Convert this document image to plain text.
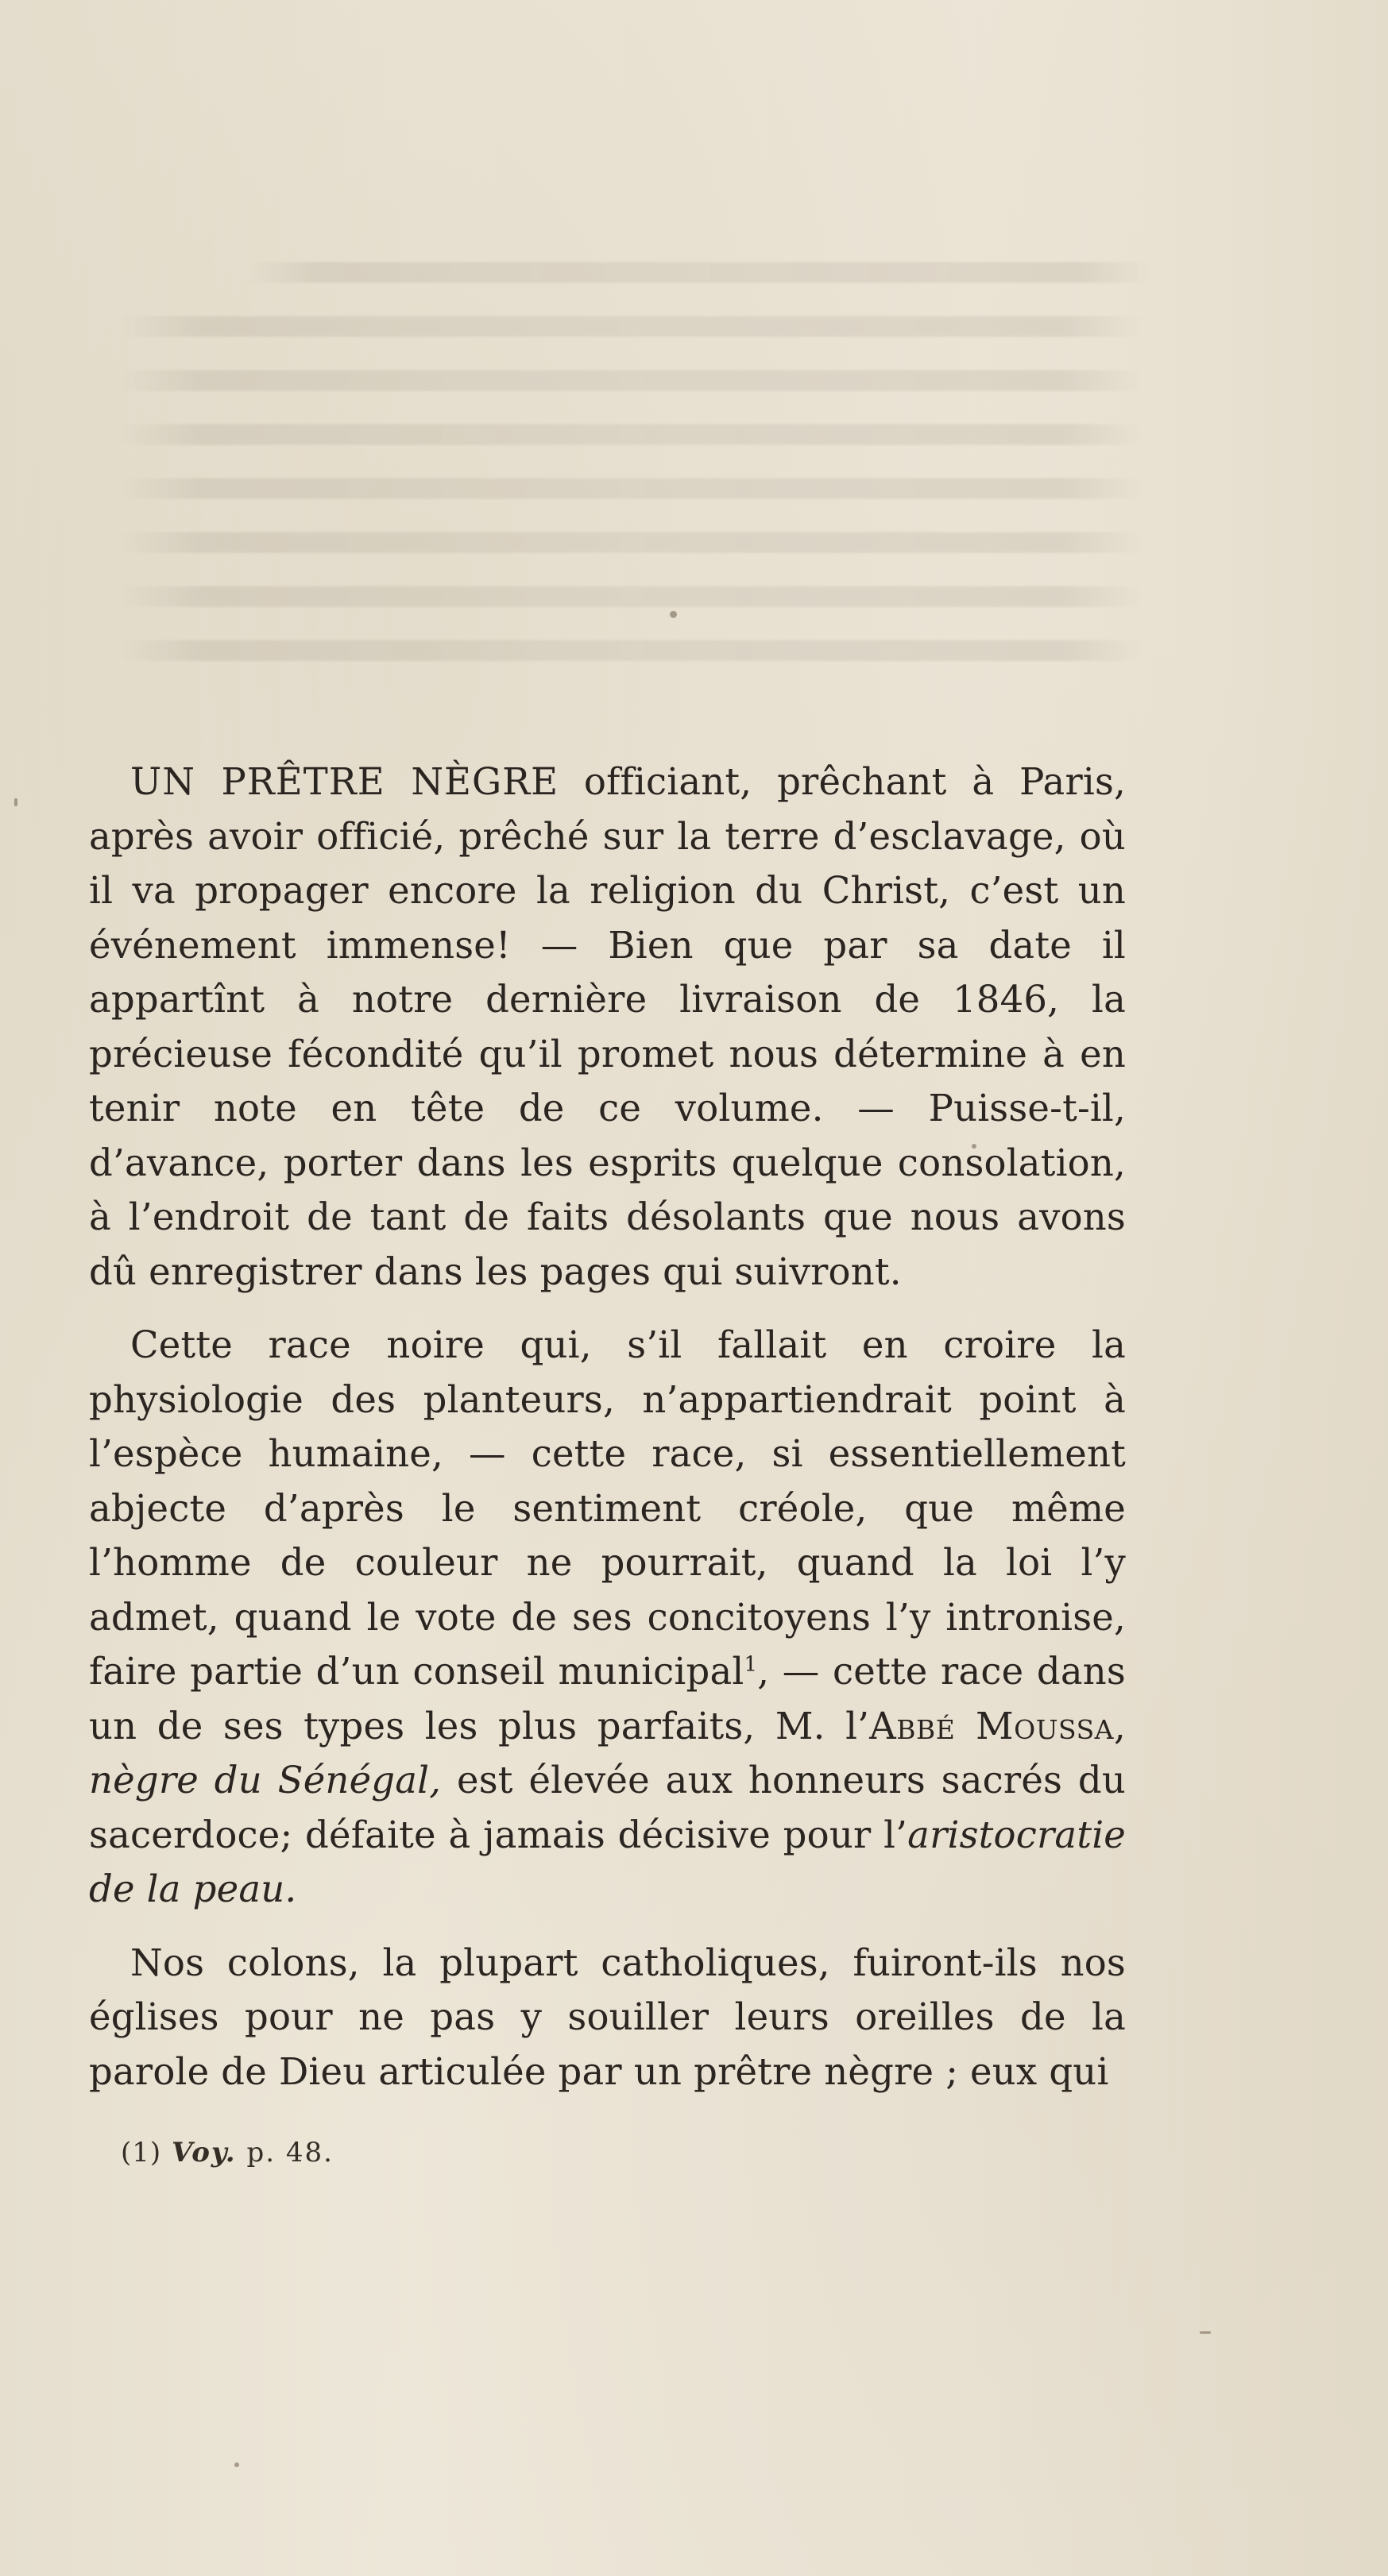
UN PRÊTRE NÈGRE officiant, prêchant à Paris, après avoir officié, prêché sur la terre d’esclavage, où il va propager encore la religion du Christ, c’est un événement immense! — Bien que par sa date il appartînt à notre dernière livraison de 1846, la précieuse fécondité qu’il promet nous détermine à en tenir note en tête de ce volume. — Puisse-t-il, d’avance, porter dans les esprits quelque consolation, à l’endroit de tant de faits désolants que nous avons dû enregistrer dans les pages qui suivront.

Cette race noire qui, s’il fallait en croire la physiologie des planteurs, n’appartiendrait point à l’espèce humaine, — cette race, si essentiellement abjecte d’après le sentiment créole, que même l’homme de couleur ne pourrait, quand la loi l’y admet, quand le vote de ses concitoyens l’y intronise, faire partie d’un conseil municipal$^1$, — cette race dans un de ses types les plus parfaits, M. l’Abbé Moussa, nègre du Sénégal, est élevée aux honneurs sacrés du sacerdoce; défaite à jamais décisive pour l’aristocratie de la peau.

Nos colons, la plupart catholiques, fuiront-ils nos églises pour ne pas y souiller leurs oreilles de la parole de Dieu articulée par un prêtre nègre ; eux qui

(1) Voy. p. 48.
